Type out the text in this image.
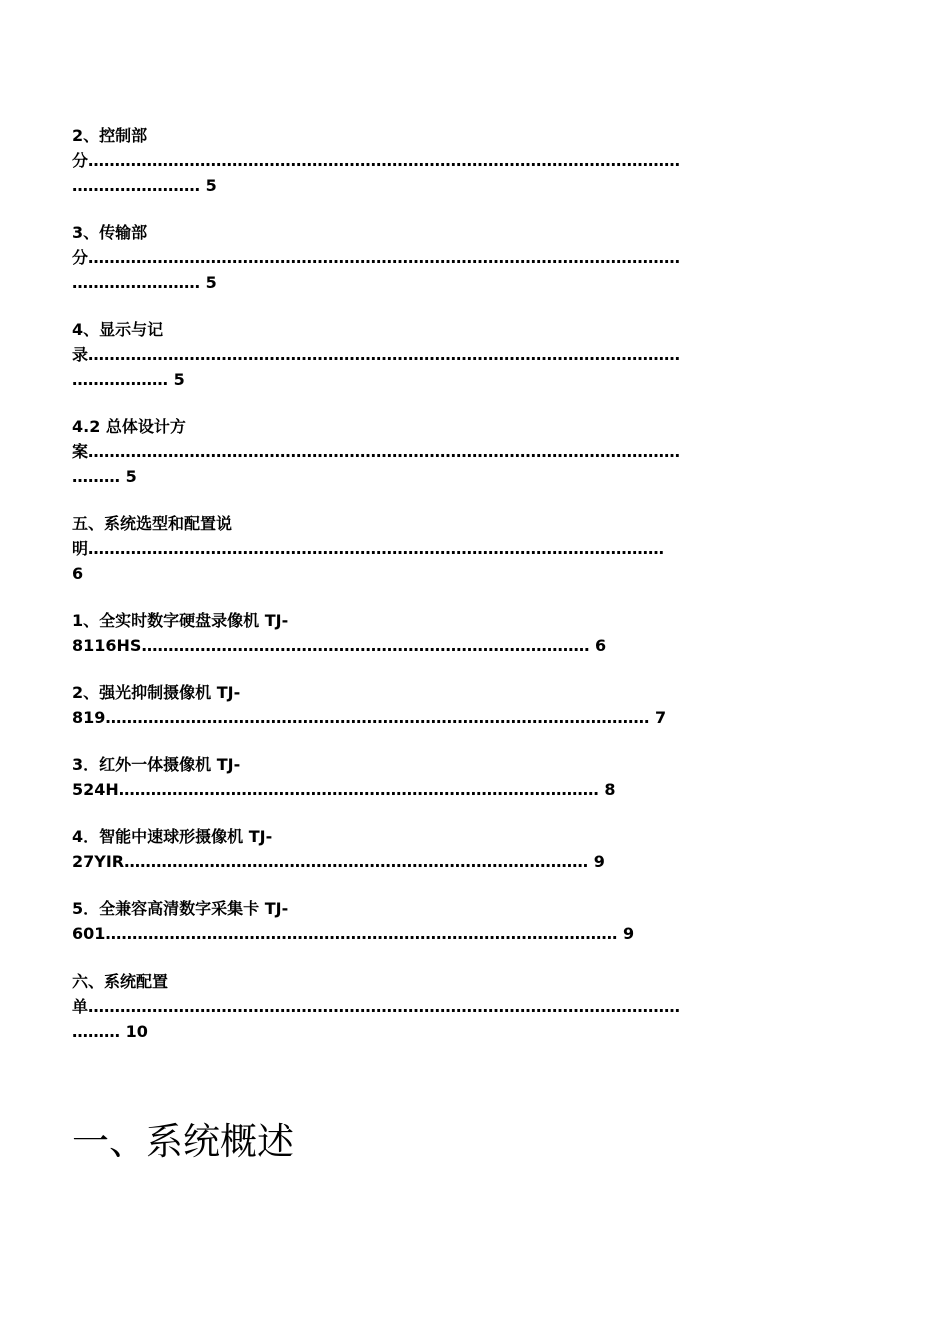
2、控制部
分…………………………………………………………………………………………………
…………………… 5
3、传输部
分…………………………………………………………………………………………………
…………………… 5
4、显示与记
录…………………………………………………………………………………………………
……………… 5
4.2 总体设计方
案…………………………………………………………………………………………………
……… 5
五、系统选型和配置说
明………………………………………………………………………………………………
6
1、全实时数字硬盘录像机 TJ-
8116HS………………………………………………………………………… 6
2、强光抑制摄像机 TJ-
819………………………………………………………………………………………… 7
3．红外一体摄像机 TJ-
524H……………………………………………………………………………… 8
4．智能中速球形摄像机 TJ-
27YIR…………………………………………………………………………… 9
5．全兼容高清数字采集卡 TJ-
601…………………………………………………………………………………… 9
六、系统配置
单…………………………………………………………………………………………………
……… 10
一、系统概述
